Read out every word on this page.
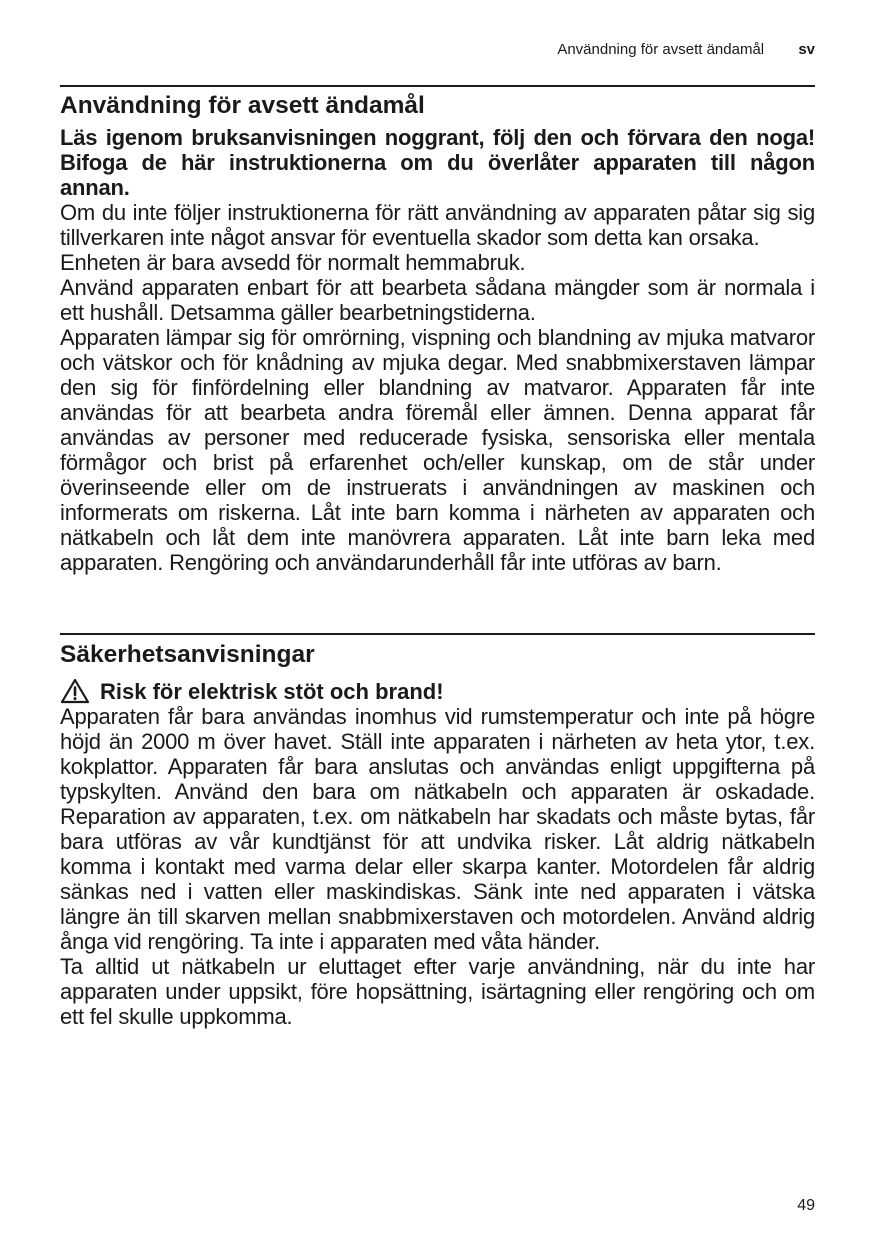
Användning för avsett ändamål sv
Användning för avsett ändamål

Läs igenom bruksanvisningen noggrant, följ den och förvara den noga! Bifoga de här instruktionerna om du överlåter apparaten till någon annan.

Om du inte följer instruktionerna för rätt användning av apparaten påtar sig sig tillverkaren inte något ansvar för eventuella skador som detta kan orsaka.

Enheten är bara avsedd för normalt hemmabruk.

Använd apparaten enbart för att bearbeta sådana mängder som är normala i ett hushåll. Detsamma gäller bearbetningstiderna.

Apparaten lämpar sig för omrörning, vispning och blandning av mjuka matvaror och vätskor och för knådning av mjuka degar. Med snabbmixerstaven lämpar den sig för finfördelning eller blandning av matvaror. Apparaten får inte användas för att bearbeta andra föremål eller ämnen. Denna apparat får användas av personer med reducerade fysiska, sensoriska eller mentala förmågor och brist på erfarenhet och/eller kunskap, om de står under överinseende eller om de instruerats i användningen av maskinen och informerats om riskerna. Låt inte barn komma i närheten av apparaten och nätkabeln och låt dem inte manövrera apparaten. Låt inte barn leka med apparaten. Rengöring och användarunderhåll får inte utföras av barn.

Säkerhetsanvisningar
Risk för elektrisk stöt och brand!

Apparaten får bara användas inomhus vid rumstemperatur och inte på högre höjd än 2000 m över havet. Ställ inte apparaten i närheten av heta ytor, t.ex. kokplattor. Apparaten får bara anslutas och användas enligt uppgifterna på typskylten. Använd den bara om nätkabeln och apparaten är oskadade. Reparation av apparaten, t.ex. om nätkabeln har skadats och måste bytas, får bara utföras av vår kundtjänst för att undvika risker. Låt aldrig nätkabeln komma i kontakt med varma delar eller skarpa kanter. Motordelen får aldrig sänkas ned i vatten eller maskindiskas. Sänk inte ned apparaten i vätska längre än till skarven mellan snabbmixerstaven och motordelen. Använd aldrig ånga vid rengöring. Ta inte i apparaten med våta händer.

Ta alltid ut nätkabeln ur eluttaget efter varje användning, när du inte har apparaten under uppsikt, före hopsättning, isärtagning eller rengöring och om ett fel skulle uppkomma.

49
